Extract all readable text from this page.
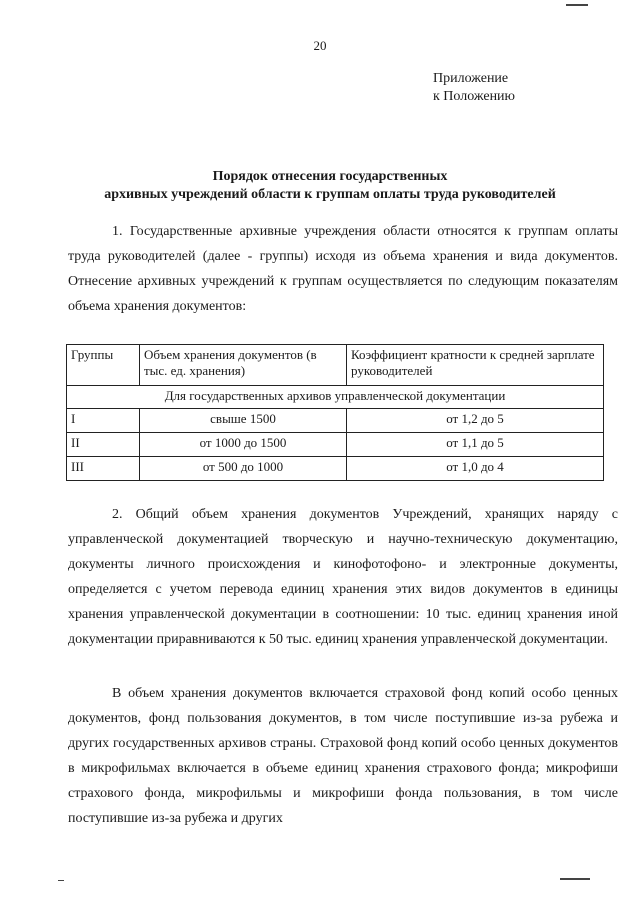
20
Приложение
к Положению
Порядок отнесения государственных
архивных учреждений области к группам оплаты труда руководителей
1. Государственные архивные учреждения области относятся к группам оплаты труда руководителей (далее - группы) исходя из объема хранения и вида документов. Отнесение архивных учреждений к группам осуществляется по следующим показателям объема хранения документов:
Группы	Объем хранения документов (в тыс. ед. хранения)	Коэффициент кратности к средней зарплате руководителей
Для государственных архивов управленческой документации		
I	свыше 1500	от 1,2 до 5
II	от 1000 до 1500	от 1,1 до 5
III	от 500 до 1000	от 1,0 до 4
2. Общий объем хранения документов Учреждений, хранящих наряду с управленческой документацией творческую и научно-техническую документацию, документы личного происхождения и кинофотофоно- и электронные документы, определяется с учетом перевода единиц хранения этих видов документов в единицы хранения управленческой документации в соотношении: 10 тыс. единиц хранения иной документации приравниваются к 50 тыс. единиц хранения управленческой документации.
В объем хранения документов включается страховой фонд копий особо ценных документов, фонд пользования документов, в том числе поступившие из-за рубежа и других государственных архивов страны. Страховой фонд копий особо ценных документов в микрофильмах включается в объеме единиц хранения страхового фонда; микрофиши страхового фонда, микрофильмы и микрофиши фонда пользования, в том числе поступившие из-за рубежа и других
